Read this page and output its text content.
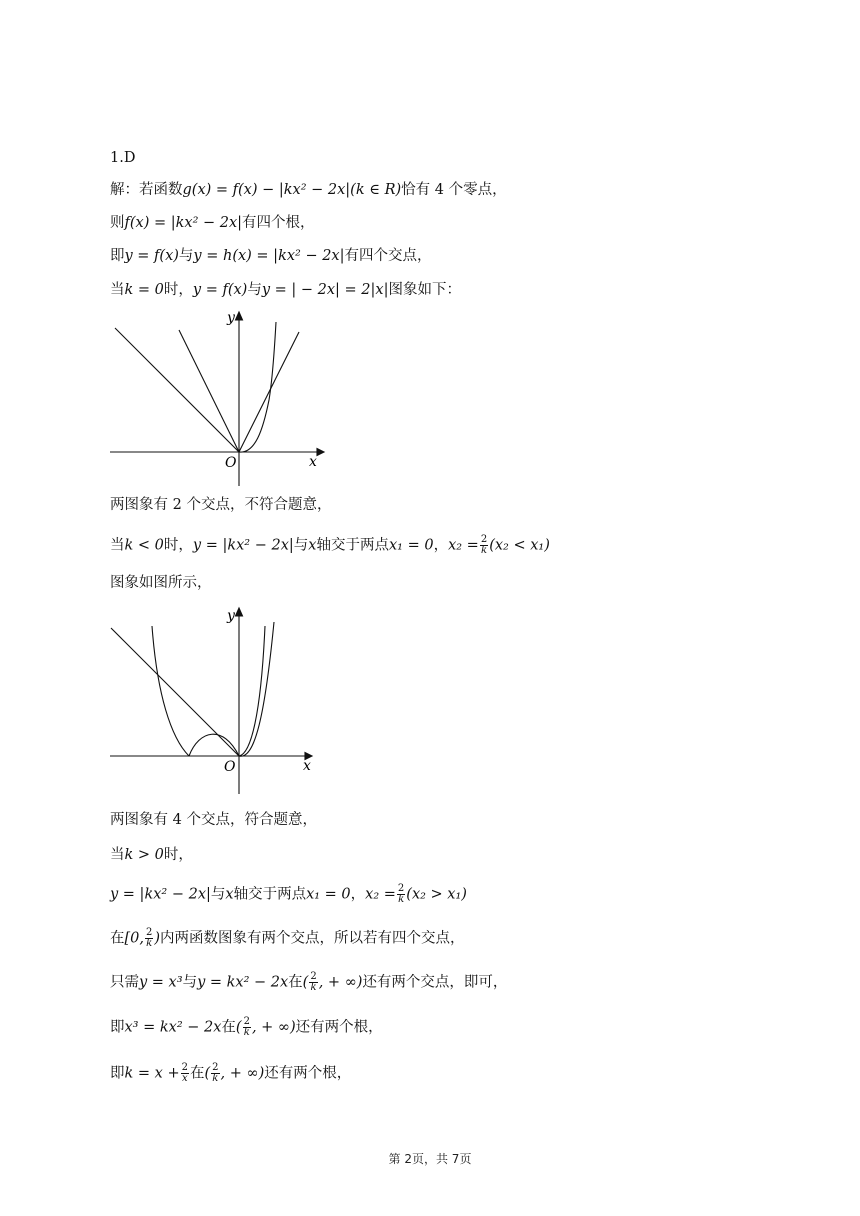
1.D
解：若函数g(x) = f(x) − |kx² − 2x|(k ∈ R)恰有 4 个零点，
则f(x) = |kx² − 2x|有四个根，
即y = f(x)与y = h(x) = |kx² − 2x|有四个交点，
当k = 0时，y = f(x)与y = | − 2x| = 2|x|图象如下：
y
x
O
两图象有 2 个交点，不符合题意，
当k < 0时，y = |kx² − 2x|与x轴交于两点x₁ = 0，$x_2 = \frac{2}{k} (x_2 < x_1)$
图象如图所示，
y
x
O
两图象有 4 个交点，符合题意，
当k > 0时，
y = |kx² − 2x|与x轴交于两点x₁ = 0，$x_2 = \frac{2}{k} (x_2 > x_1)$
在[0, $\frac{2}{k}$ )内两函数图象有两个交点，所以若有四个交点，
只需y = x³与y = kx² − 2x在( $\frac{2}{k}$ , + ∞)还有两个交点，即可，
即x³ = kx² − 2x在( $\frac{2}{k}$ , + ∞)还有两个根，
即$k = x + \frac{2}{x}$ 在( $\frac{2}{k}$ , + ∞)还有两个根，
第 2页，共 7页
